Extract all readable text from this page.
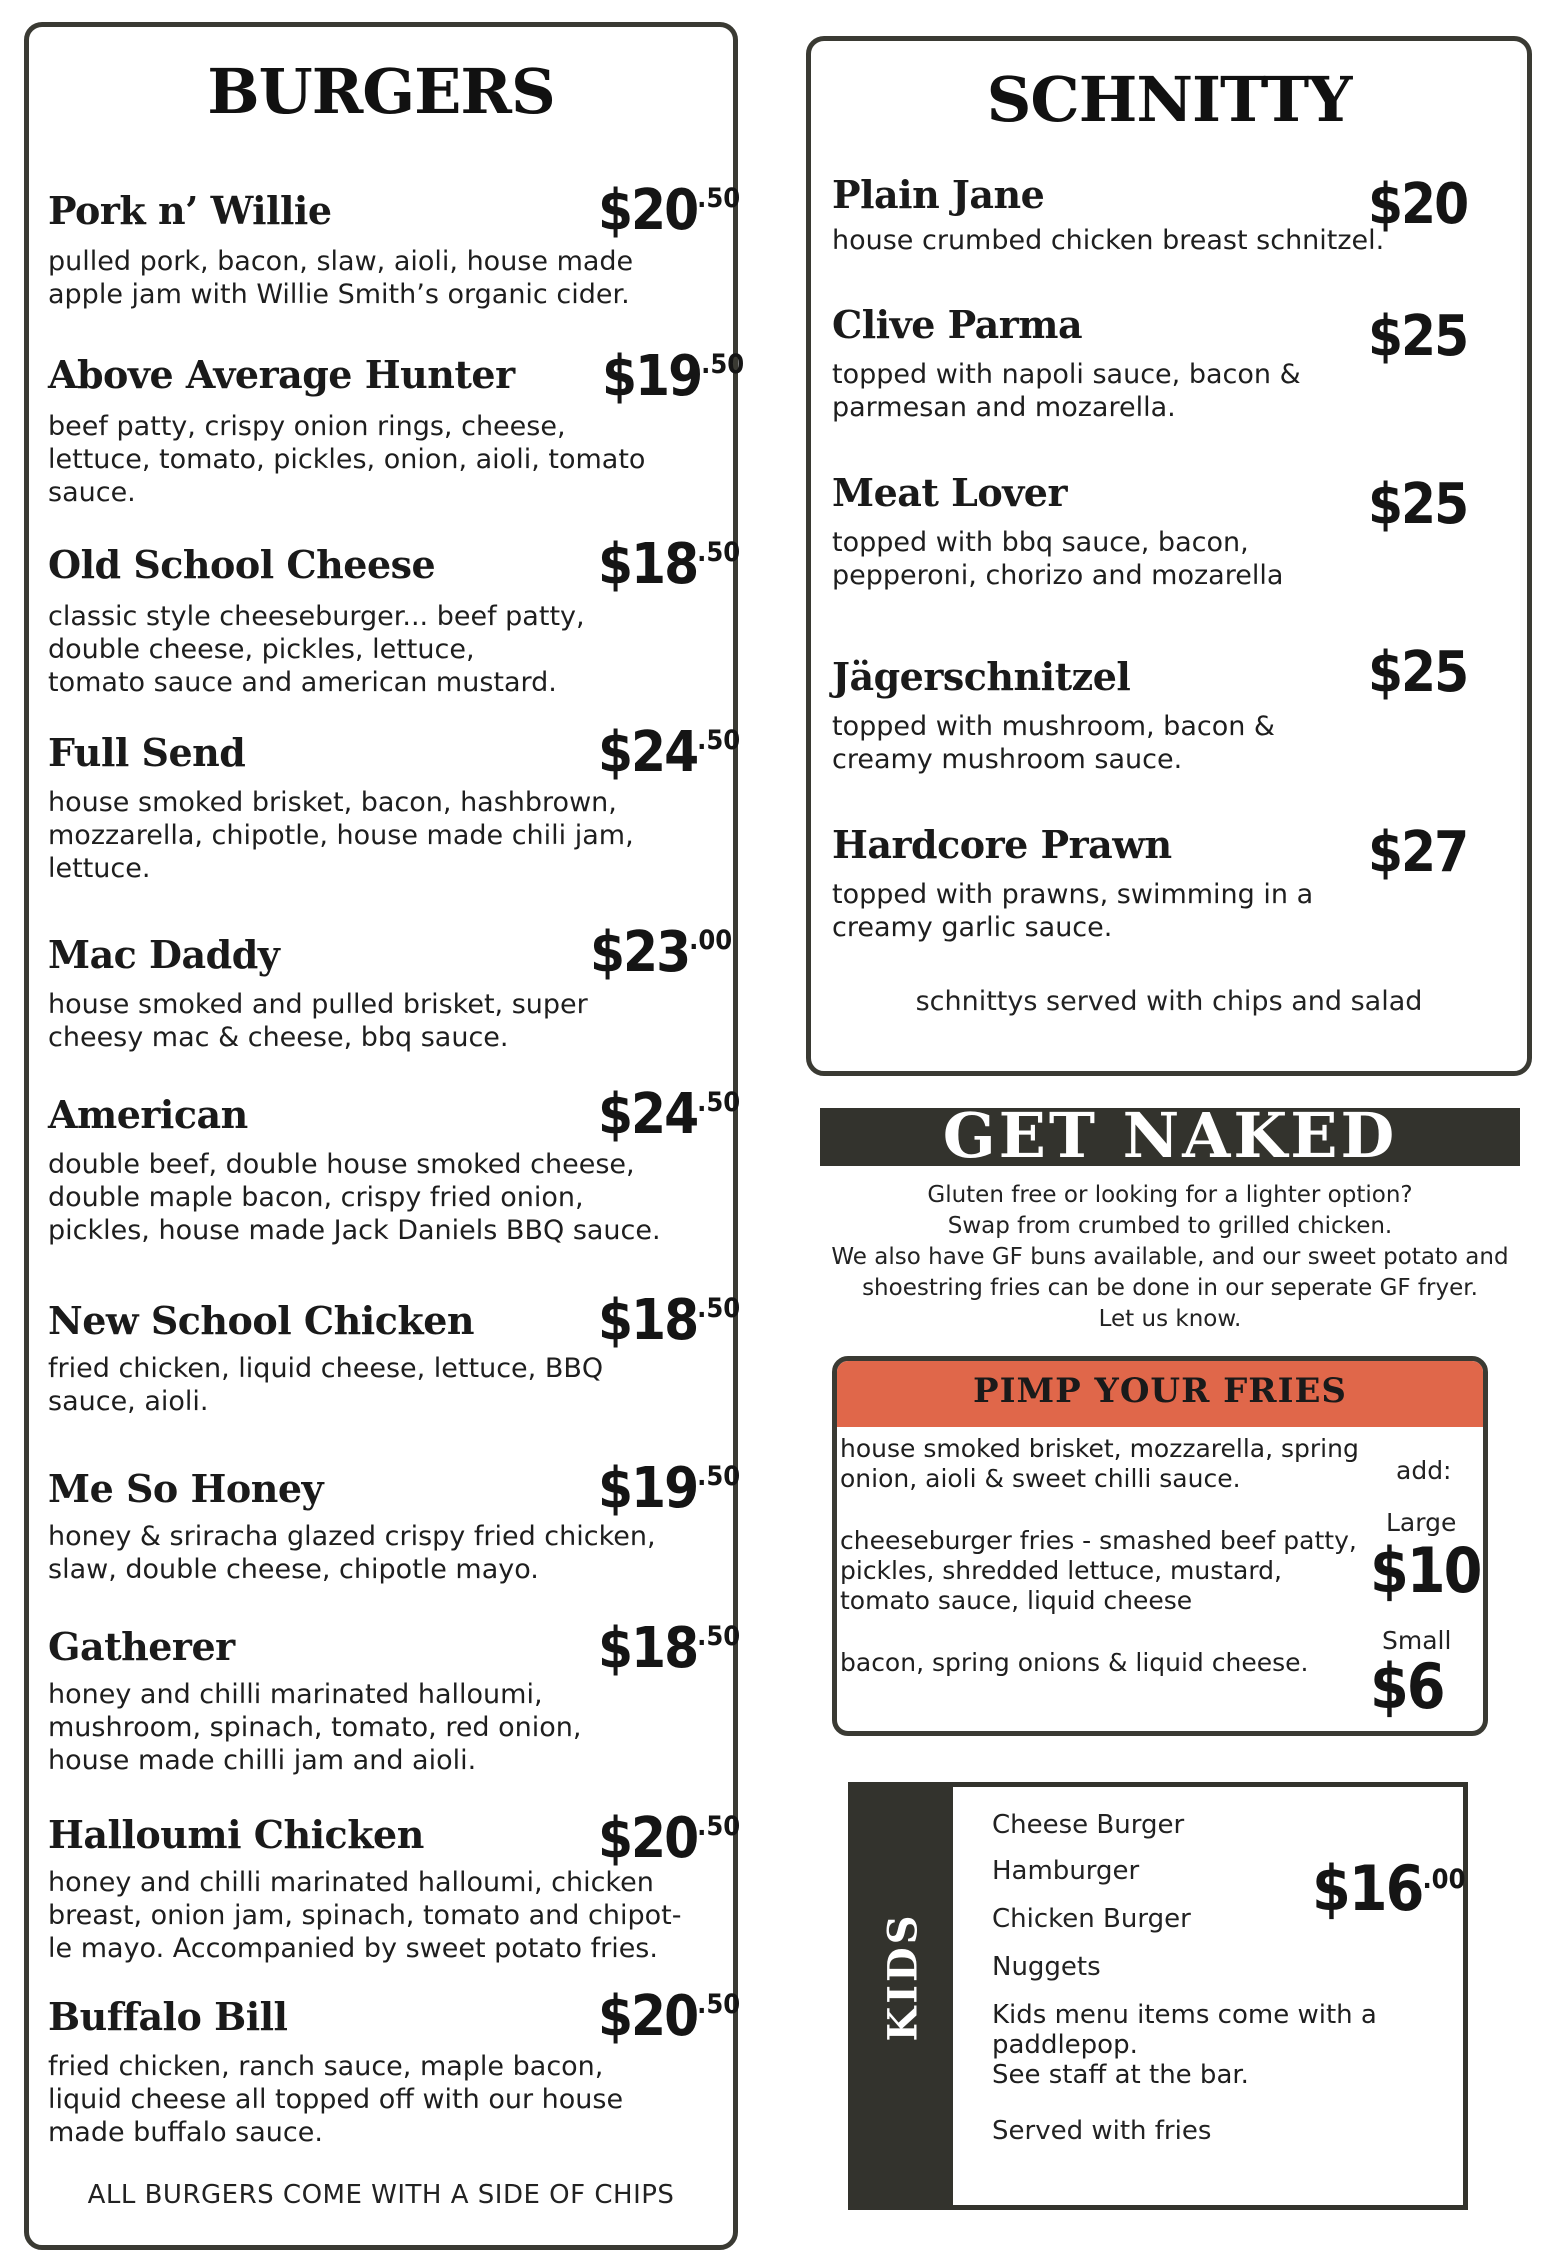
BURGERS
Pork n’ Willie	$\$20^{.50}$
pulled pork, bacon, slaw, aioli, house made
apple jam with Willie Smith’s organic cider.
Above Average Hunter $\$19^{.50}$
beef patty, crispy onion rings, cheese,
lettuce, tomato, pickles, onion, aioli, tomato
sauce.
Old School Cheese	$\$18^{.50}$
classic style cheeseburger... beef patty,
double cheese, pickles, lettuce,
tomato sauce and american mustard.
Full Send	$\$24^{.50}$
house smoked brisket, bacon, hashbrown,
mozzarella, chipotle, house made chili jam,
lettuce.
Mac Daddy	$\$23^{.00}$
house smoked and pulled brisket, super
cheesy mac & cheese, bbq sauce.
American	$\$24^{.50}$
double beef, double house smoked cheese,
double maple bacon, crispy fried onion,
pickles, house made Jack Daniels BBQ sauce.
New School Chicken $\$18^{.50}$
fried chicken, liquid cheese, lettuce, BBQ
sauce, aioli.
Me So Honey	$\$19^{.50}$
honey & sriracha glazed crispy fried chicken,
slaw, double cheese, chipotle mayo.
Gatherer	$\$18^{.50}$
honey and chilli marinated halloumi,
mushroom, spinach, tomato, red onion,
house made chilli jam and aioli.
Halloumi Chicken	$\$20^{.50}$
honey and chilli marinated halloumi, chicken
breast, onion jam, spinach, tomato and chipot-
le mayo. Accompanied by sweet potato fries.
Buffalo Bill	$\$20^{.50}$
fried chicken, ranch sauce, maple bacon,
liquid cheese all topped off with our house
made buffalo sauce.
ALL BURGERS COME WITH A SIDE OF CHIPS
SCHNITTY
Plain Jane	$20
house crumbed chicken breast schnitzel.
Clive Parma	$25
topped with napoli sauce, bacon &
parmesan and mozarella.
Meat Lover	$25
topped with bbq sauce, bacon,
pepperoni, chorizo and mozarella
Jägerschnitzel	$25
topped with mushroom, bacon &
creamy mushroom sauce.
Hardcore Prawn	$27
topped with prawns, swimming in a
creamy garlic sauce.
schnittys served with chips and salad
GET NAKED
Gluten free or looking for a lighter option?
Swap from crumbed to grilled chicken.
We also have GF buns available, and our sweet potato and
shoestring fries can be done in our seperate GF fryer.
Let us know.
PIMP YOUR FRIES
house smoked brisket, mozzarella, spring
onion, aioli & sweet chilli sauce.
cheeseburger fries - smashed beef patty,
pickles, shredded lettuce, mustard,
tomato sauce, liquid cheese
bacon, spring onions & liquid cheese.
add:
Large
$10
Small
$6
KIDS
Cheese Burger
Hamburger
Chicken Burger
Nuggets
Kids menu items come with a
paddlepop.
See staff at the bar.
Served with fries
$\$16^{.00}$
